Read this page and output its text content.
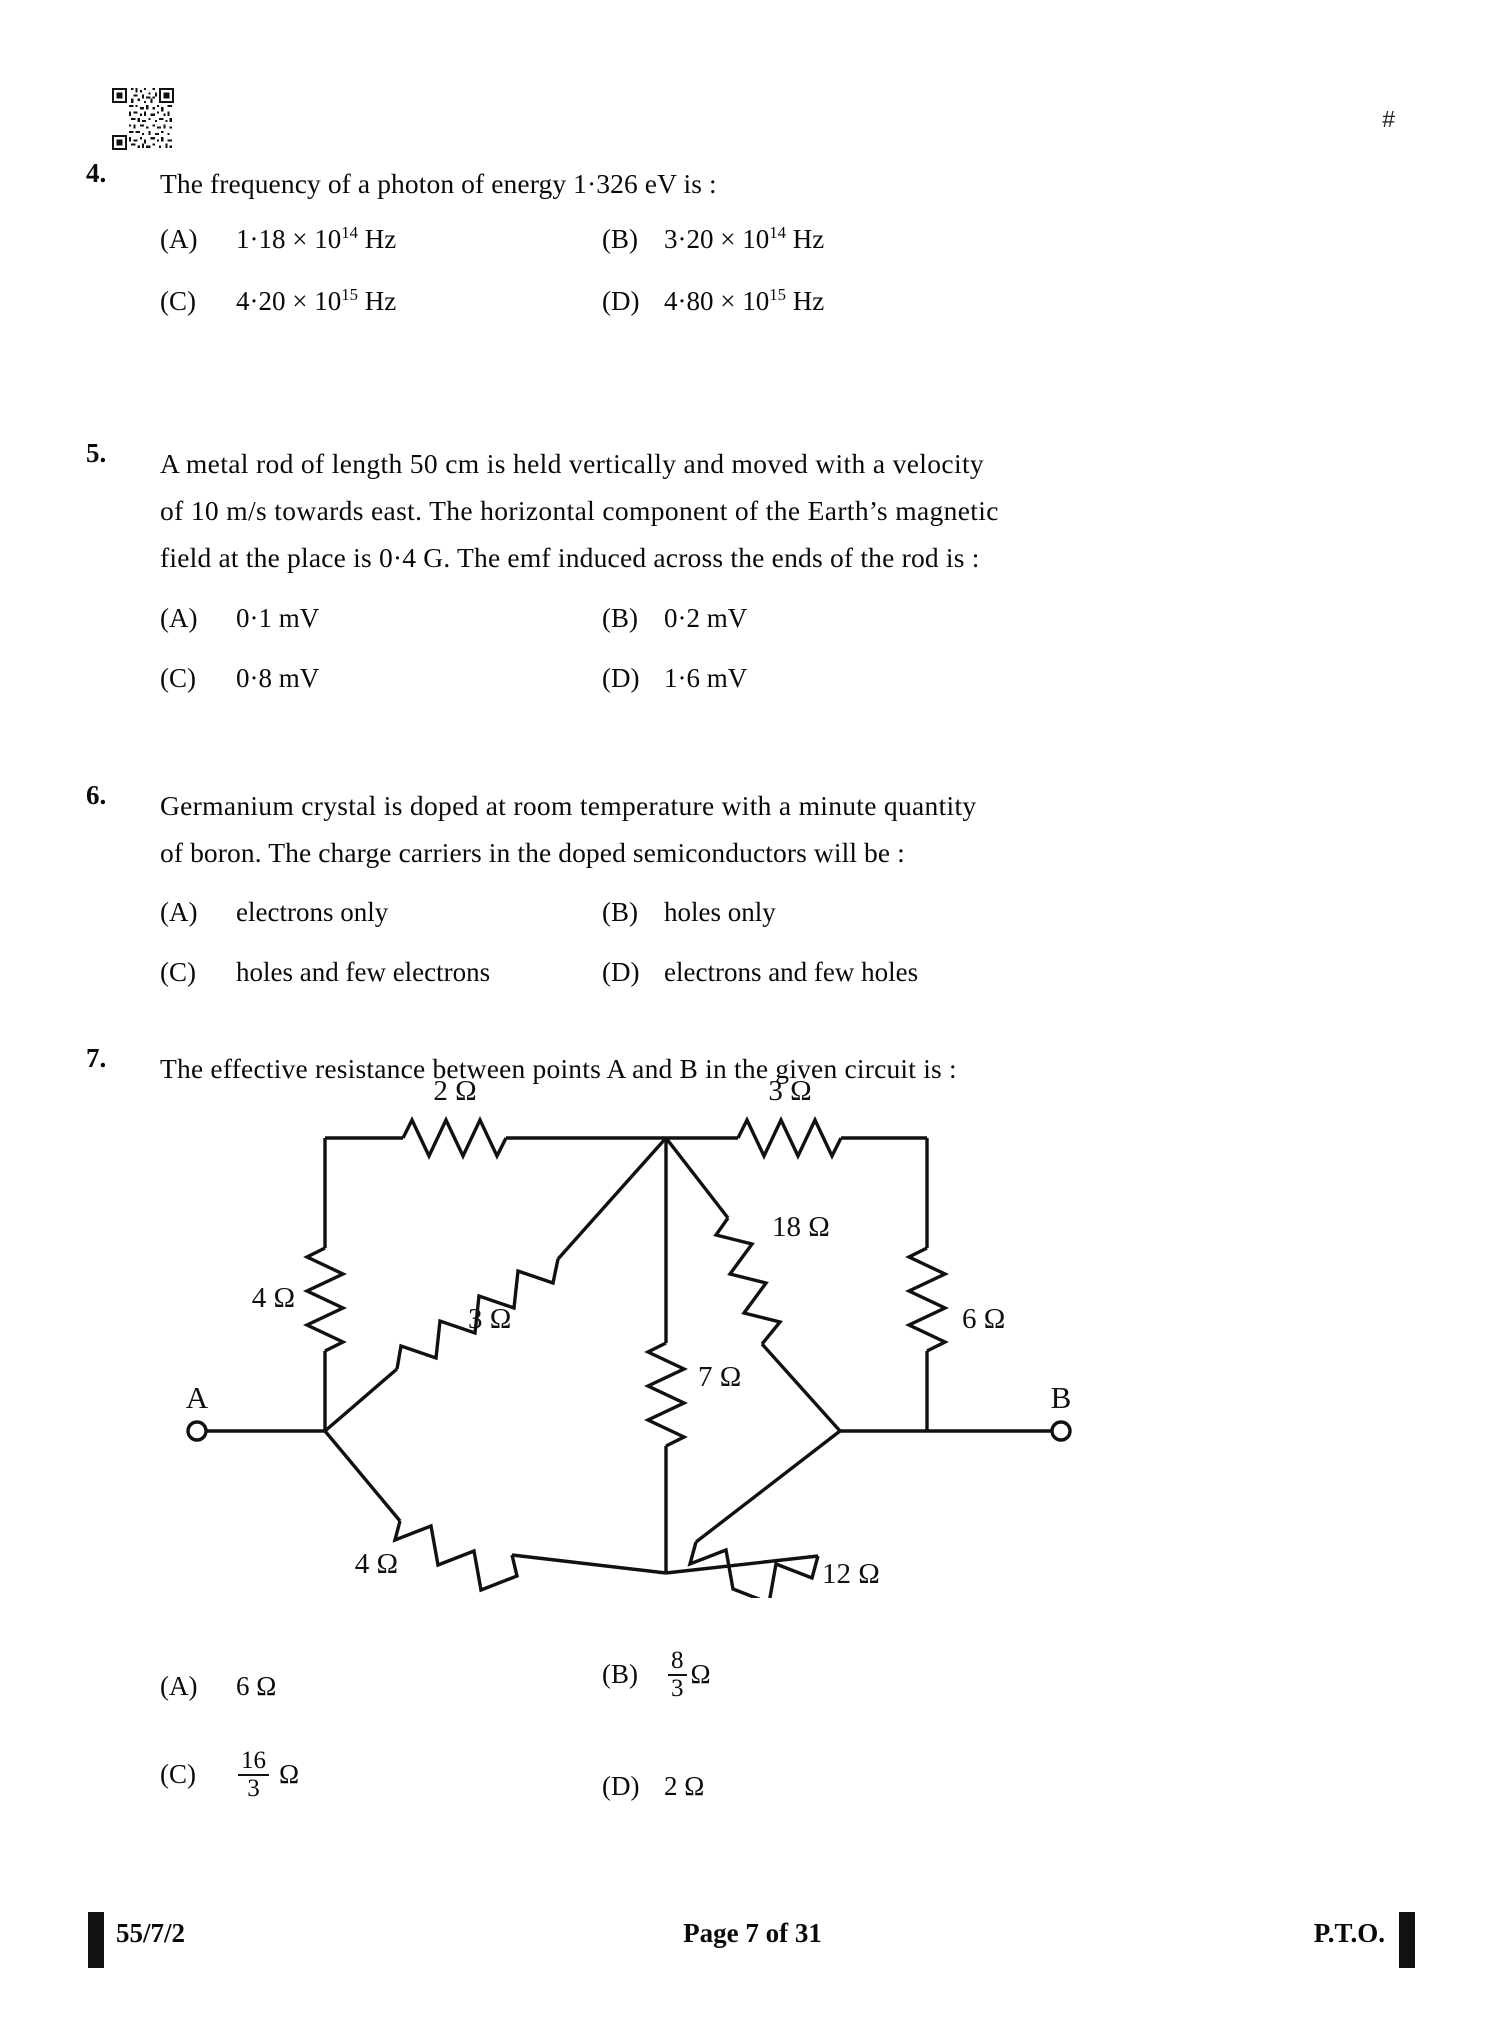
#
4.	The frequency of a photon of energy 1·326 eV is :
(A) $1\cdot 18 \times 10^{14}$ Hz	(B) $3\cdot 20 \times 10^{14}$ Hz
(C) $4\cdot 20 \times 10^{15}$ Hz	(D) $4\cdot 80 \times 10^{15}$ Hz
5.	A metal rod of length 50 cm is held vertically and moved with a velocity
of 10 m/s towards east. The horizontal component of the Earth’s magnetic
field at the place is 0·4 G. The emf induced across the ends of the rod is :
(A) 0·1 mV	(B) 0·2 mV
(C) 0·8 mV	(D) 1·6 mV
6.	Germanium crystal is doped at room temperature with a minute quantity
of boron. The charge carriers in the doped semiconductors will be :
(A) electrons only	(B) holes only
(C) holes and few electrons	(D) electrons and few holes
7.	The effective resistance between points A and B in the given circuit is :
2 Ω	3 Ω
4 Ω
6 Ω
3 Ω
18 Ω
7 Ω
4 Ω	12 Ω
A	B
(A) 6 Ω	$(B) \frac{8}{3}$ Ω
$(C) \frac{16}{3}$ Ω	(D) 2 Ω
55/7/2	Page 7 of 31	P.T.O.
